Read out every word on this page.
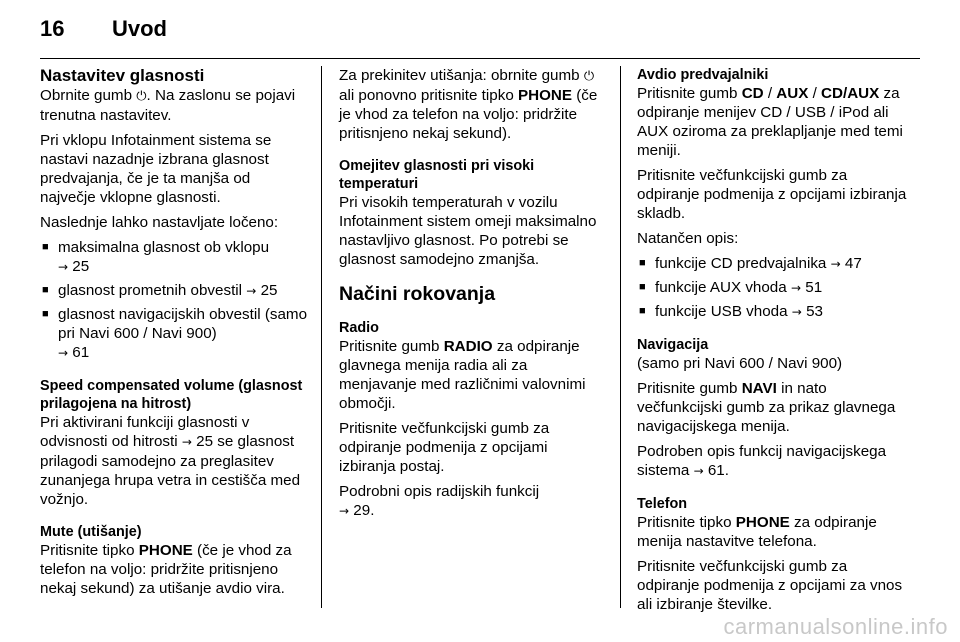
16 Uvod
Nastavitev glasnosti

Obrnite gumb ⏻. Na zaslonu se pojavi trenutna nastavitev.

Pri vklopu Infotainment sistema se nastavi nazadnje izbrana glasnost predvajanja, če je ta manjša od največje vklopne glasnosti.

Naslednje lahko nastavljate ločeno:

■ maksimalna glasnost ob vklopu
→ 25
■ glasnost prometnih obvestil → 25
■ glasnost navigacijskih obvestil (samo pri Navi 600 / Navi 900)
→ 61
Speed compensated volume (glasnost prilagojena na hitrost)

Pri aktivirani funkciji glasnosti v odvisnosti od hitrosti → 25 se glasnost prilagodi samodejno za preglasitev zunanjega hrupa vetra in cestišča med vožnjo.

Mute (utišanje)

Pritisnite tipko PHONE (če je vhod za telefon na voljo: pridržite pritisnjeno nekaj sekund) za utišanje avdio vira.

Za prekinitev utišanja: obrnite gumb ⏻ ali ponovno pritisnite tipko PHONE (če je vhod za telefon na voljo: pridržite pritisnjeno nekaj sekund).

Omejitev glasnosti pri visoki temperaturi

Pri visokih temperaturah v vozilu Infotainment sistem omeji maksimalno nastavljivo glasnost. Po potrebi se glasnost samodejno zmanjša.

Načini rokovanja
Radio

Pritisnite gumb RADIO za odpiranje glavnega menija radia ali za menjavanje med različnimi valovnimi območji.

Pritisnite večfunkcijski gumb za odpiranje podmenija z opcijami izbiranja postaj.

Podrobni opis radijskih funkcij
→ 29.

Avdio predvajalniki

Pritisnite gumb CD / AUX / CD/AUX za odpiranje menijev CD / USB / iPod ali AUX oziroma za preklapljanje med temi meniji.

Pritisnite večfunkcijski gumb za odpiranje podmenija z opcijami izbiranja skladb.

Natančen opis:

■ funkcije CD predvajalnika → 47
■ funkcije AUX vhoda → 51
■ funkcije USB vhoda → 53
Navigacija

(samo pri Navi 600 / Navi 900)

Pritisnite gumb NAVI in nato večfunkcijski gumb za prikaz glavnega navigacijskega menija.

Podroben opis funkcij navigacijskega sistema → 61.

Telefon

Pritisnite tipko PHONE za odpiranje menija nastavitve telefona.

Pritisnite večfunkcijski gumb za odpiranje podmenija z opcijami za vnos ali izbiranje številke.

carmanualsonline.info
